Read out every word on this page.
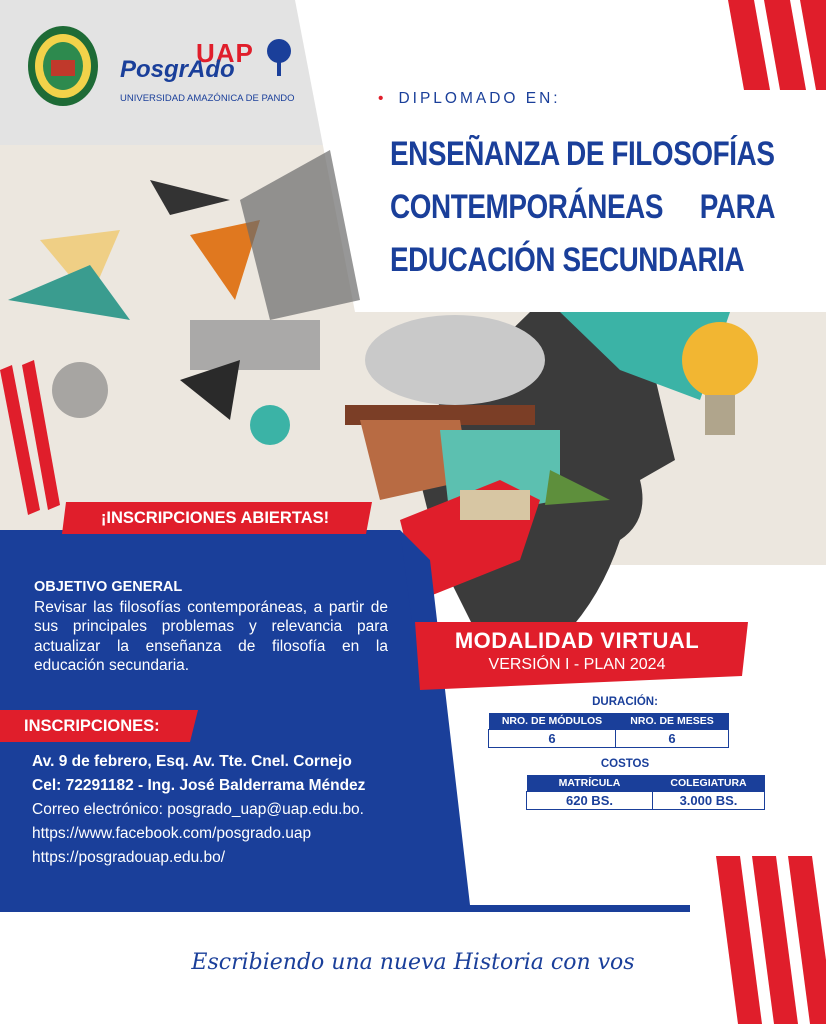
UAP
PosgrAdo
UNIVERSIDAD AMAZÓNICA DE PANDO	• DIPLOMADO EN:
ENSEÑANZA DE FILOSOFÍAS
CONTEMPORÁNEAS     PARA
EDUCACIÓN SECUNDARIA
¡INSCRIPCIONES ABIERTAS!
OBJETIVO GENERAL
Revisar las filosofías contemporáneas, a partir de sus principales problemas y relevancia para actualizar la enseñanza de filosofía en la educación secundaria.
MODALIDAD VIRTUAL
VERSIÓN I - PLAN 2024
DURACIÓN:
NRO. DE MÓDULOS	NRO. DE MESES
6	6
COSTOS
MATRÍCULA	COLEGIATURA
620 BS.	3.000 BS.
INSCRIPCIONES:
Av. 9 de febrero, Esq. Av. Tte. Cnel. Cornejo
Cel: 72291182 - Ing. José Balderrama Méndez
Correo electrónico: posgrado_uap@uap.edu.bo.
https://www.facebook.com/posgrado.uap
https://posgradouap.edu.bo/
Escribiendo una nueva Historia con vos
